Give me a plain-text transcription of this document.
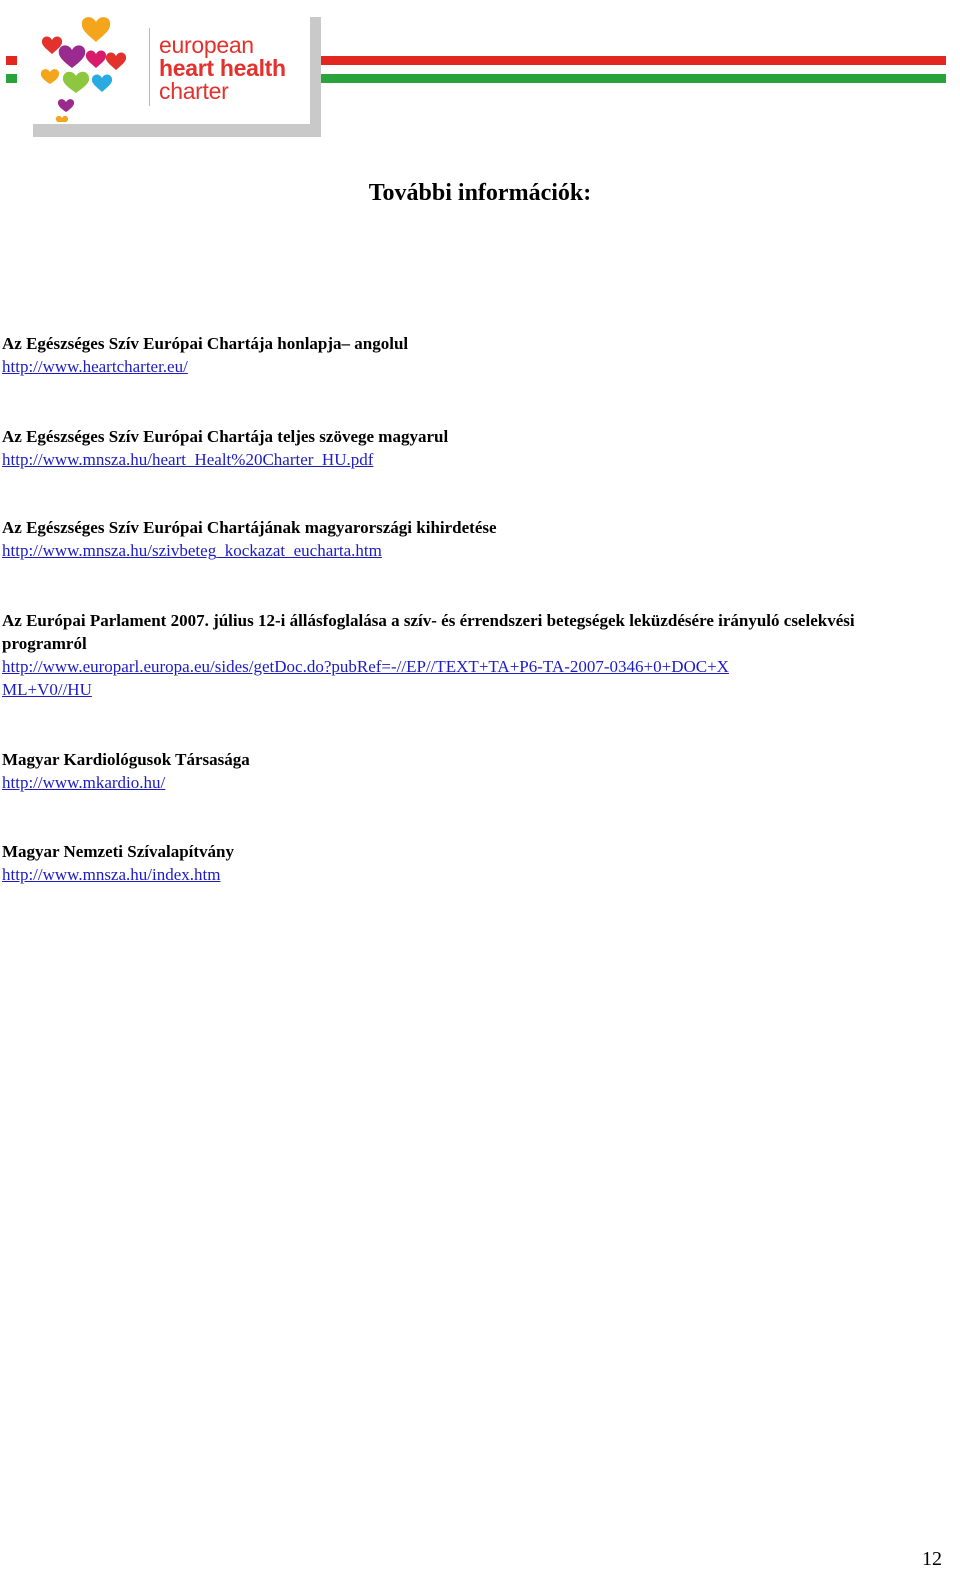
european
heart health
charter
További információk:
Az Egészséges Szív Európai Chartája honlapja– angolul
http://www.heartcharter.eu/
Az Egészséges Szív Európai Chartája teljes szövege magyarul
http://www.mnsza.hu/heart_Healt%20Charter_HU.pdf
Az Egészséges Szív Európai Chartájának magyarországi kihirdetése
http://www.mnsza.hu/szivbeteg_kockazat_eucharta.htm
Az Európai Parlament 2007. július 12-i állásfoglalása a szív- és érrendszeri betegségek leküzdésére irányuló cselekvési programról
http://www.europarl.europa.eu/sides/getDoc.do?pubRef=-//EP//TEXT+TA+P6-TA-2007-0346+0+DOC+XML+V0//HU
Magyar Kardiológusok Társasága
http://www.mkardio.hu/
Magyar Nemzeti Szívalapítvány
http://www.mnsza.hu/index.htm
12
